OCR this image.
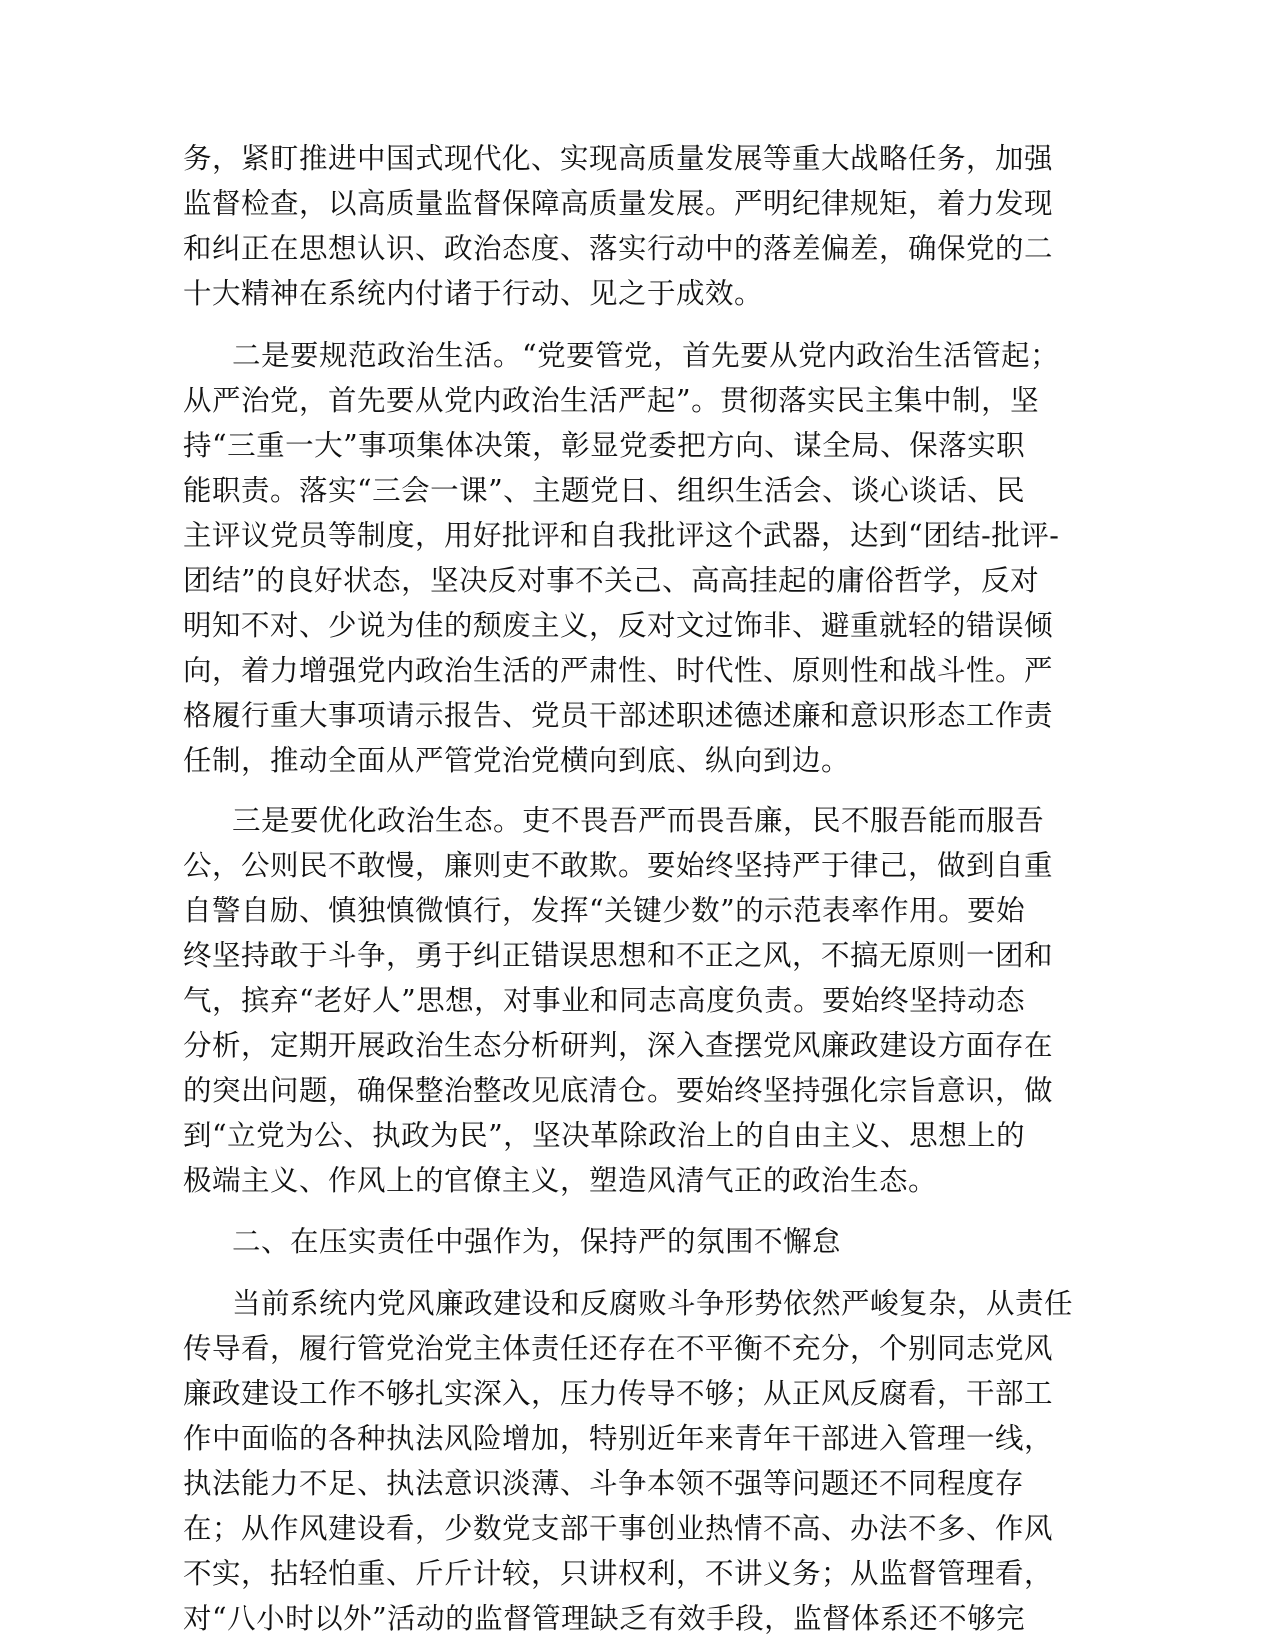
务，紧盯推进中国式现代化、实现高质量发展等重大战略任务，加强

监督检查，以高质量监督保障高质量发展。严明纪律规矩，着力发现

和纠正在思想认识、政治态度、落实行动中的落差偏差，确保党的二

十大精神在系统内付诸于行动、见之于成效。

二是要规范政治生活。“党要管党，首先要从党内政治生活管起；

从严治党，首先要从党内政治生活严起”。贯彻落实民主集中制，坚

持“三重一大”事项集体决策，彰显党委把方向、谋全局、保落实职

能职责。落实“三会一课”、主题党日、组织生活会、谈心谈话、民

主评议党员等制度，用好批评和自我批评这个武器，达到“团结-批评-

团结”的良好状态，坚决反对事不关己、高高挂起的庸俗哲学，反对

明知不对、少说为佳的颓废主义，反对文过饰非、避重就轻的错误倾

向，着力增强党内政治生活的严肃性、时代性、原则性和战斗性。严

格履行重大事项请示报告、党员干部述职述德述廉和意识形态工作责

任制，推动全面从严管党治党横向到底、纵向到边。

三是要优化政治生态。吏不畏吾严而畏吾廉，民不服吾能而服吾

公，公则民不敢慢，廉则吏不敢欺。要始终坚持严于律己，做到自重

自警自励、慎独慎微慎行，发挥“关键少数”的示范表率作用。要始

终坚持敢于斗争，勇于纠正错误思想和不正之风，不搞无原则一团和

气，摈弃“老好人”思想，对事业和同志高度负责。要始终坚持动态

分析，定期开展政治生态分析研判，深入查摆党风廉政建设方面存在

的突出问题，确保整治整改见底清仓。要始终坚持强化宗旨意识，做

到“立党为公、执政为民”，坚决革除政治上的自由主义、思想上的

极端主义、作风上的官僚主义，塑造风清气正的政治生态。

二、在压实责任中强作为，保持严的氛围不懈怠

当前系统内党风廉政建设和反腐败斗争形势依然严峻复杂，从责任

传导看，履行管党治党主体责任还存在不平衡不充分，个别同志党风

廉政建设工作不够扎实深入，压力传导不够；从正风反腐看，干部工

作中面临的各种执法风险增加，特别近年来青年干部进入管理一线，

执法能力不足、执法意识淡薄、斗争本领不强等问题还不同程度存

在；从作风建设看，少数党支部干事创业热情不高、办法不多、作风

不实，拈轻怕重、斤斤计较，只讲权利，不讲义务；从监督管理看，

对“八小时以外”活动的监督管理缺乏有效手段，监督体系还不够完
